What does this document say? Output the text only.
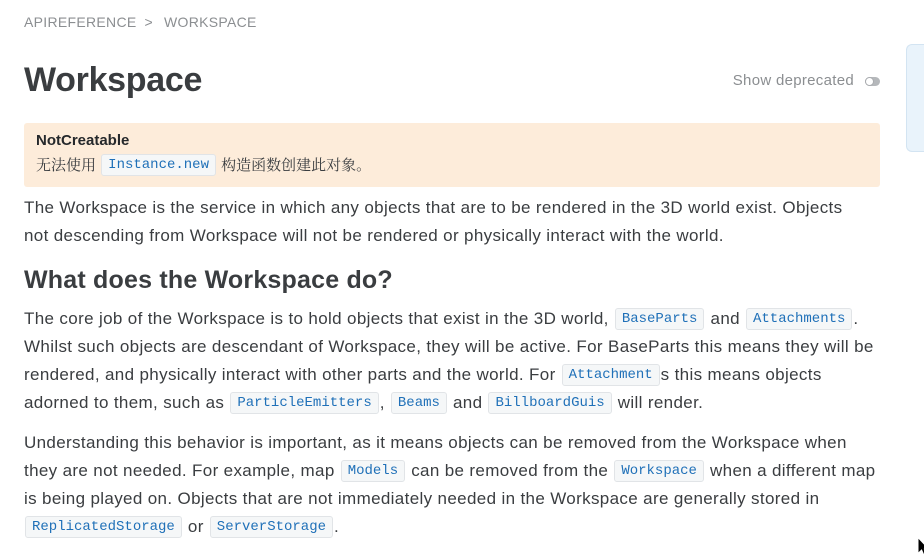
APIREFERENCE > WORKSPACE
Workspace	Show deprecated
NotCreatable
无法使用 Instance.new 构造函数创建此对象。
The Workspace is the service in which any objects that are to be rendered in the 3D world exist. Objects
not descending from Workspace will not be rendered or physically interact with the world.
What does the Workspace do?
The core job of the Workspace is to hold objects that exist in the 3D world, BaseParts and Attachments .
Whilst such objects are descendant of Workspace, they will be active. For BaseParts this means they will be
rendered, and physically interact with other parts and the world. For Attachment s this means objects
adorned to them, such as ParticleEmitters , Beams and BillboardGuis will render.
Understanding this behavior is important, as it means objects can be removed from the Workspace when
they are not needed. For example, map Models can be removed from the Workspace when a different map
is being played on. Objects that are not immediately needed in the Workspace are generally stored in
ReplicatedStorage or ServerStorage .
